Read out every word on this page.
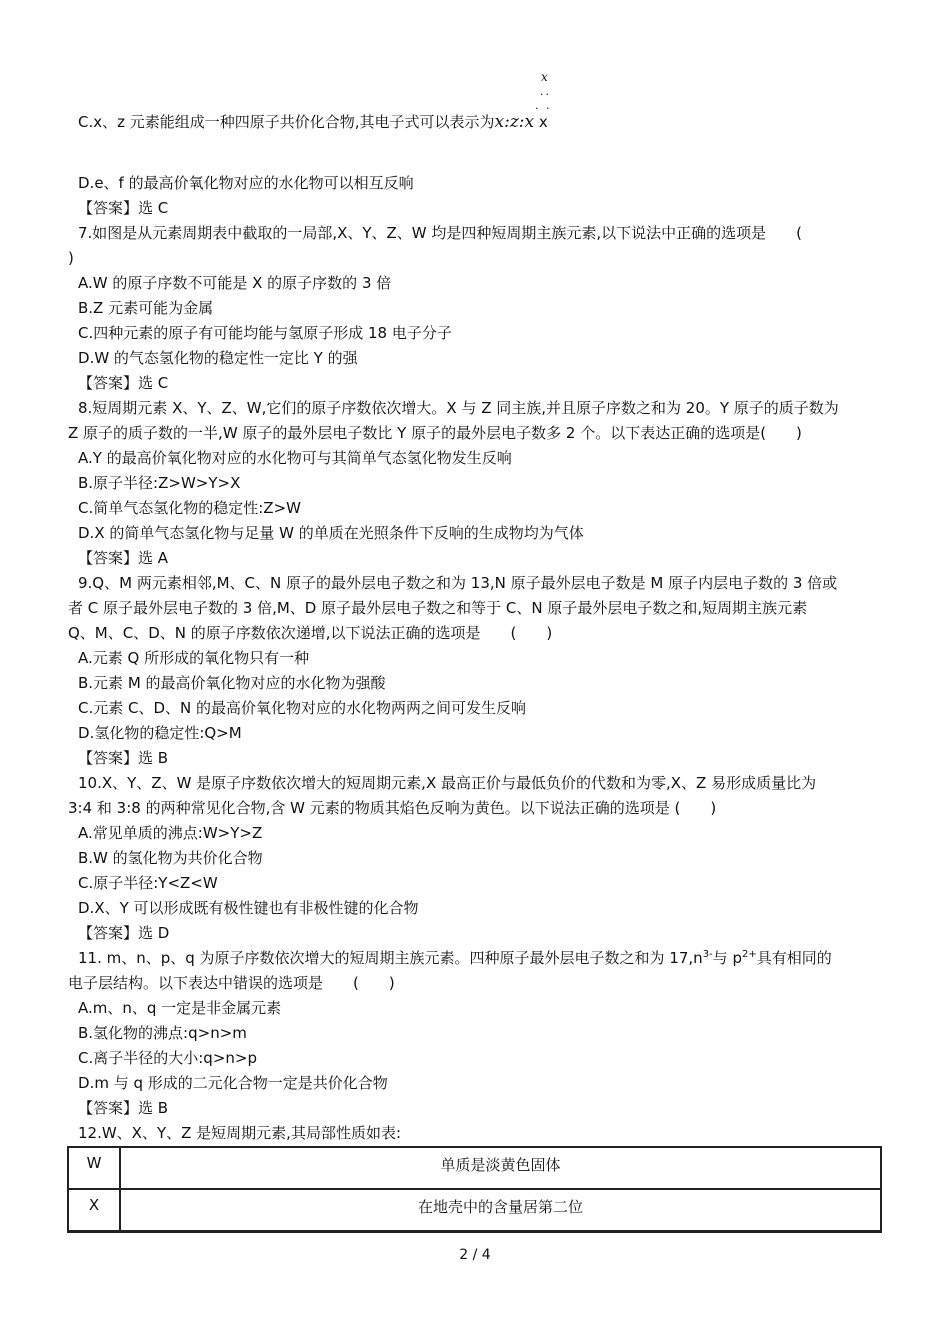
C.x、z 元素能组成一种四原子共价化合物,其电子式可以表示为x:z:x x
x
··
· ·
D.e、f 的最高价氧化物对应的水化物可以相互反响
【答案】选 C
7.如图是从元素周期表中截取的一局部,X、Y、Z、W 均是四种短周期主族元素,以下说法中正确的选项是　　(
)
A.W 的原子序数不可能是 X 的原子序数的 3 倍
B.Z 元素可能为金属
C.四种元素的原子有可能均能与氢原子形成 18 电子分子
D.W 的气态氢化物的稳定性一定比 Y 的强
【答案】选 C
8.短周期元素 X、Y、Z、W,它们的原子序数依次增大。X 与 Z 同主族,并且原子序数之和为 20。Y 原子的质子数为
Z 原子的质子数的一半,W 原子的最外层电子数比 Y 原子的最外层电子数多 2 个。以下表达正确的选项是(　　)
A.Y 的最高价氧化物对应的水化物可与其简单气态氢化物发生反响
B.原子半径:Z>W>Y>X
C.简单气态氢化物的稳定性:Z>W
D.X 的简单气态氢化物与足量 W 的单质在光照条件下反响的生成物均为气体
【答案】选 A
9.Q、M 两元素相邻,M、C、N 原子的最外层电子数之和为 13,N 原子最外层电子数是 M 原子内层电子数的 3 倍或
者 C 原子最外层电子数的 3 倍,M、D 原子最外层电子数之和等于 C、N 原子最外层电子数之和,短周期主族元素
Q、M、C、D、N 的原子序数依次递增,以下说法正确的选项是　　(　　)
A.元素 Q 所形成的氧化物只有一种
B.元素 M 的最高价氧化物对应的水化物为强酸
C.元素 C、D、N 的最高价氧化物对应的水化物两两之间可发生反响
D.氢化物的稳定性:Q>M
【答案】选 B
10.X、Y、Z、W 是原子序数依次增大的短周期元素,X 最高正价与最低负价的代数和为零,X、Z 易形成质量比为
3:4 和 3:8 的两种常见化合物,含 W 元素的物质其焰色反响为黄色。以下说法正确的选项是 (　　)
A.常见单质的沸点:W>Y>Z
B.W 的氢化物为共价化合物
C.原子半径:Y<Z<W
D.X、Y 可以形成既有极性键也有非极性键的化合物
【答案】选 D
11. m、n、p、q 为原子序数依次增大的短周期主族元素。四种原子最外层电子数之和为 $17,n^{3-}$与 $p^{2+}$具有相同的
电子层结构。以下表达中错误的选项是　　(　　)
A.m、n、q 一定是非金属元素
B.氢化物的沸点:q>n>m
C.离子半径的大小:q>n>p
D.m 与 q 形成的二元化合物一定是共价化合物
【答案】选 B
12.W、X、Y、Z 是短周期元素,其局部性质如表:
W	单质是淡黄色固体
X	在地壳中的含量居第二位
2 / 4
